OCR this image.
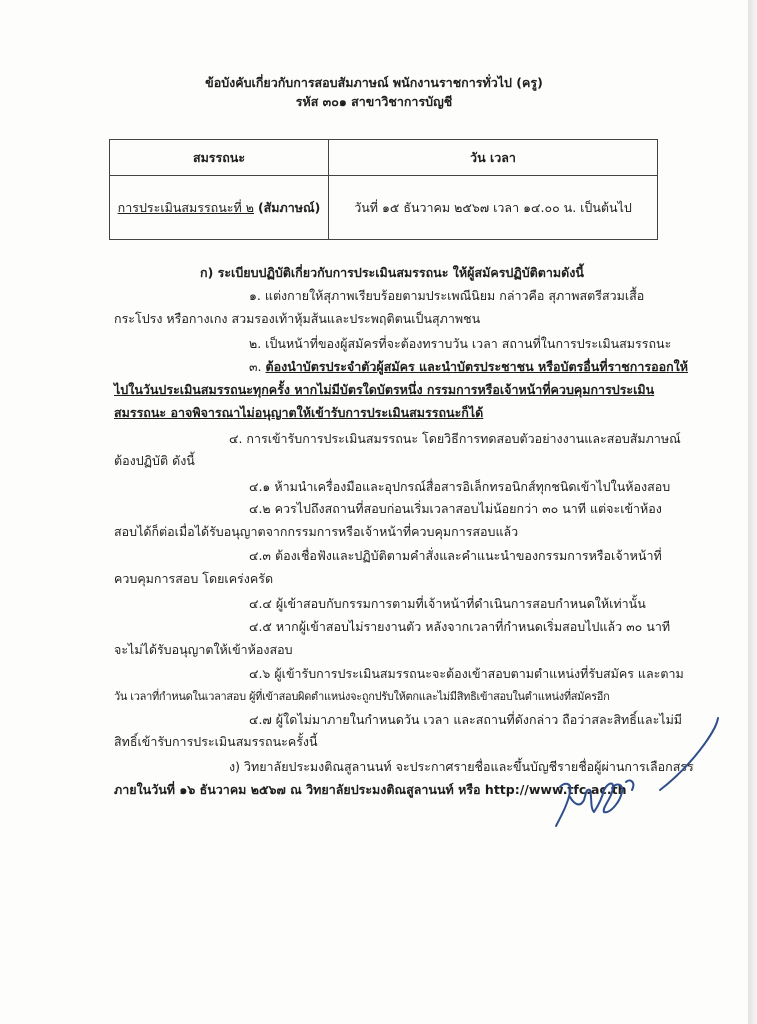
ข้อบังคับเกี่ยวกับการสอบสัมภาษณ์ พนักงานราชการทั่วไป (ครู)
รหัส ๓๐๑ สาขาวิชาการบัญชี
สมรรถนะ	วัน เวลา
การประเมินสมรรถนะที่ ๒ (สัมภาษณ์)	วันที่ ๑๕ ธันวาคม ๒๕๖๗ เวลา ๑๔.๐๐ น. เป็นต้นไป
ก) ระเบียบปฏิบัติเกี่ยวกับการประเมินสมรรถนะ ให้ผู้สมัครปฏิบัติตามดังนี้
๑. แต่งกายให้สุภาพเรียบร้อยตามประเพณีนิยม กล่าวคือ สุภาพสตรีสวมเสื้อ
กระโปรง หรือกางเกง สวมรองเท้าหุ้มส้นและประพฤติตนเป็นสุภาพชน
๒. เป็นหน้าที่ของผู้สมัครที่จะต้องทราบวัน เวลา สถานที่ในการประเมินสมรรถนะ
๓. ต้องนำบัตรประจำตัวผู้สมัคร และนำบัตรประชาชน หรือบัตรอื่นที่ราชการออกให้
ไปในวันประเมินสมรรถนะทุกครั้ง หากไม่มีบัตรใดบัตรหนึ่ง กรรมการหรือเจ้าหน้าที่ควบคุมการประเมิน
สมรรถนะ อาจพิจารณาไม่อนุญาตให้เข้ารับการประเมินสมรรถนะก็ได้
๔. การเข้ารับการประเมินสมรรถนะ โดยวิธีการทดสอบตัวอย่างงานและสอบสัมภาษณ์
ต้องปฏิบัติ ดังนี้
๔.๑ ห้ามนำเครื่องมือและอุปกรณ์สื่อสารอิเล็กทรอนิกส์ทุกชนิดเข้าไปในห้องสอบ
๔.๒ ควรไปถึงสถานที่สอบก่อนเริ่มเวลาสอบไม่น้อยกว่า ๓๐ นาที แต่จะเข้าห้อง
สอบได้ก็ต่อเมื่อได้รับอนุญาตจากกรรมการหรือเจ้าหน้าที่ควบคุมการสอบแล้ว
๔.๓ ต้องเชื่อฟังและปฏิบัติตามคำสั่งและคำแนะนำของกรรมการหรือเจ้าหน้าที่
ควบคุมการสอบ โดยเคร่งครัด
๔.๔ ผู้เข้าสอบกับกรรมการตามที่เจ้าหน้าที่ดำเนินการสอบกำหนดให้เท่านั้น
๔.๕ หากผู้เข้าสอบไม่รายงานตัว หลังจากเวลาที่กำหนดเริ่มสอบไปแล้ว ๓๐ นาที
จะไม่ได้รับอนุญาตให้เข้าห้องสอบ
๔.๖ ผู้เข้ารับการประเมินสมรรถนะจะต้องเข้าสอบตามตำแหน่งที่รับสมัคร และตาม
วัน เวลาที่กำหนดในเวลาสอบ ผู้ที่เข้าสอบผิดตำแหน่งจะถูกปรับให้ตกและไม่มีสิทธิเข้าสอบในตำแหน่งที่สมัครอีก
๔.๗ ผู้ใดไม่มาภายในกำหนดวัน เวลา และสถานที่ดังกล่าว ถือว่าสละสิทธิ์และไม่มี
สิทธิ์เข้ารับการประเมินสมรรถนะครั้งนี้
ง) วิทยาลัยประมงติณสูลานนท์ จะประกาศรายชื่อและขึ้นบัญชีรายชื่อผู้ผ่านการเลือกสรร
ภายในวันที่ ๑๖ ธันวาคม ๒๕๖๗ ณ วิทยาลัยประมงติณสูลานนท์ หรือ http://www.tfc.ac.th
